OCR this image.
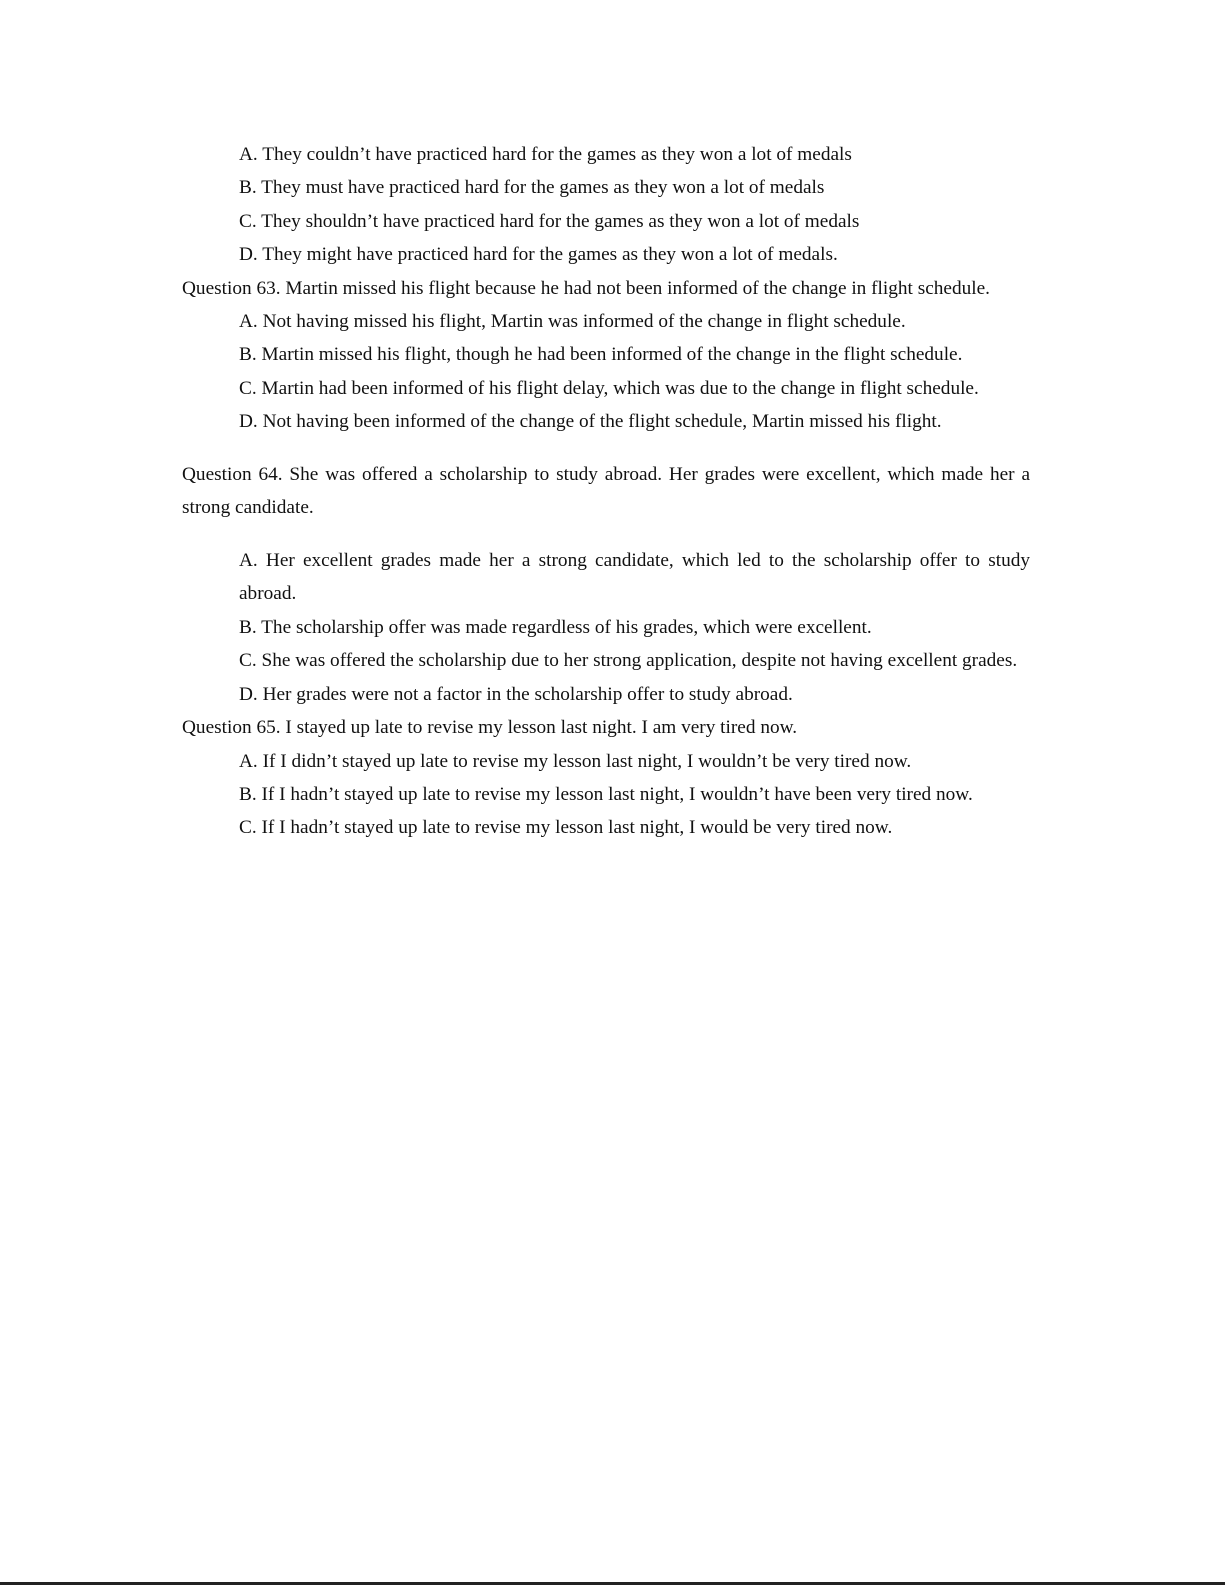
A. They couldn’t have practiced hard for the games as they won a lot of medals

B. They must have practiced hard for the games as they won a lot of medals

C. They shouldn’t have practiced hard for the games as they won a lot of medals

D. They might have practiced hard for the games as they won a lot of medals.

Question 63. Martin missed his flight because he had not been informed of the change in flight schedule.

A. Not having missed his flight, Martin was informed of the change in flight schedule.

B. Martin missed his flight, though he had been informed of the change in the flight schedule.

C. Martin had been informed of his flight delay, which was due to the change in flight schedule.

D. Not having been informed of the change of the flight schedule, Martin missed his flight.

Question 64. She was offered a scholarship to study abroad. Her grades were excellent, which made her a strong candidate.

A. Her excellent grades made her a strong candidate, which led to the scholarship offer to study abroad.

B. The scholarship offer was made regardless of his grades, which were excellent.

C. She was offered the scholarship due to her strong application, despite not having excellent grades.

D. Her grades were not a factor in the scholarship offer to study abroad.

Question 65. I stayed up late to revise my lesson last night. I am very tired now.

A. If I didn’t stayed up late to revise my lesson last night, I wouldn’t be very tired now.

B. If I hadn’t stayed up late to revise my lesson last night, I wouldn’t have been very tired now.

C. If I hadn’t stayed up late to revise my lesson last night, I would be very tired now.
